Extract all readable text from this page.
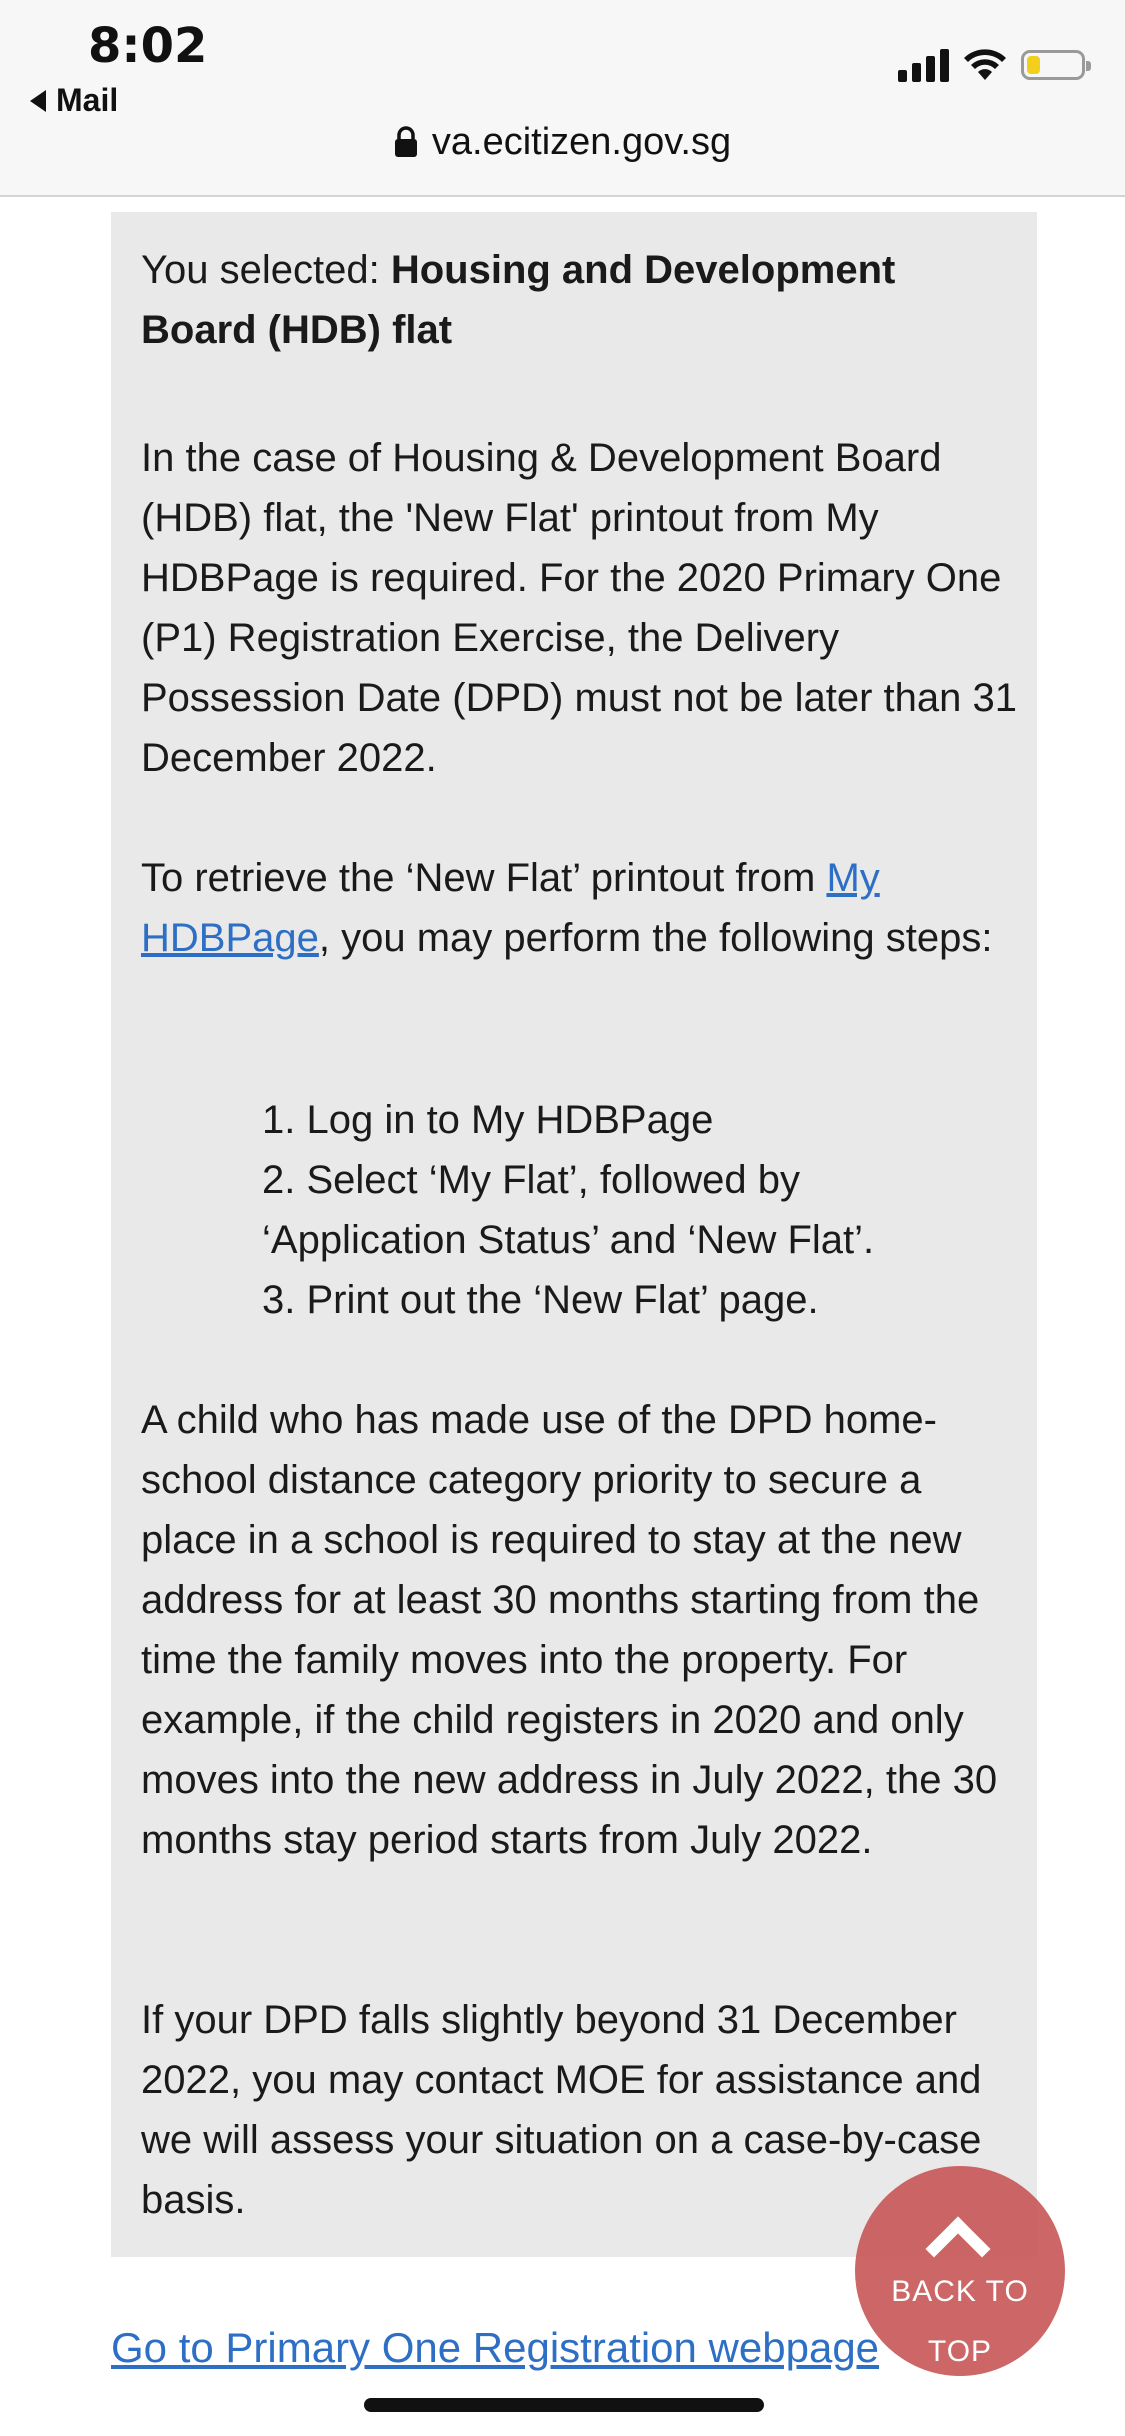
8:02
Mail
va.ecitizen.gov.sg

You selected: Housing and Development Board (HDB) flat

In the case of Housing & Development Board (HDB) flat, the 'New Flat' printout from My HDBPage is required. For the 2020 Primary One (P1) Registration Exercise, the Delivery Possession Date (DPD) must not be later than 31 December 2022.

To retrieve the ‘New Flat’ printout from My HDBPage, you may perform the following steps:

1. Log in to My HDBPage
2. Select ‘My Flat’, followed by ‘Application Status’ and ‘New Flat’.
3. Print out the ‘New Flat’ page.

A child who has made use of the DPD home-school distance category priority to secure a place in a school is required to stay at the new address for at least 30 months starting from the time the family moves into the property. For example, if the child registers in 2020 and only moves into the new address in July 2022, the 30 months stay period starts from July 2022.

If your DPD falls slightly beyond 31 December 2022, you may contact MOE for assistance and we will assess your situation on a case-by-case basis.

Go to Primary One Registration webpage
BACK TO
TOP
